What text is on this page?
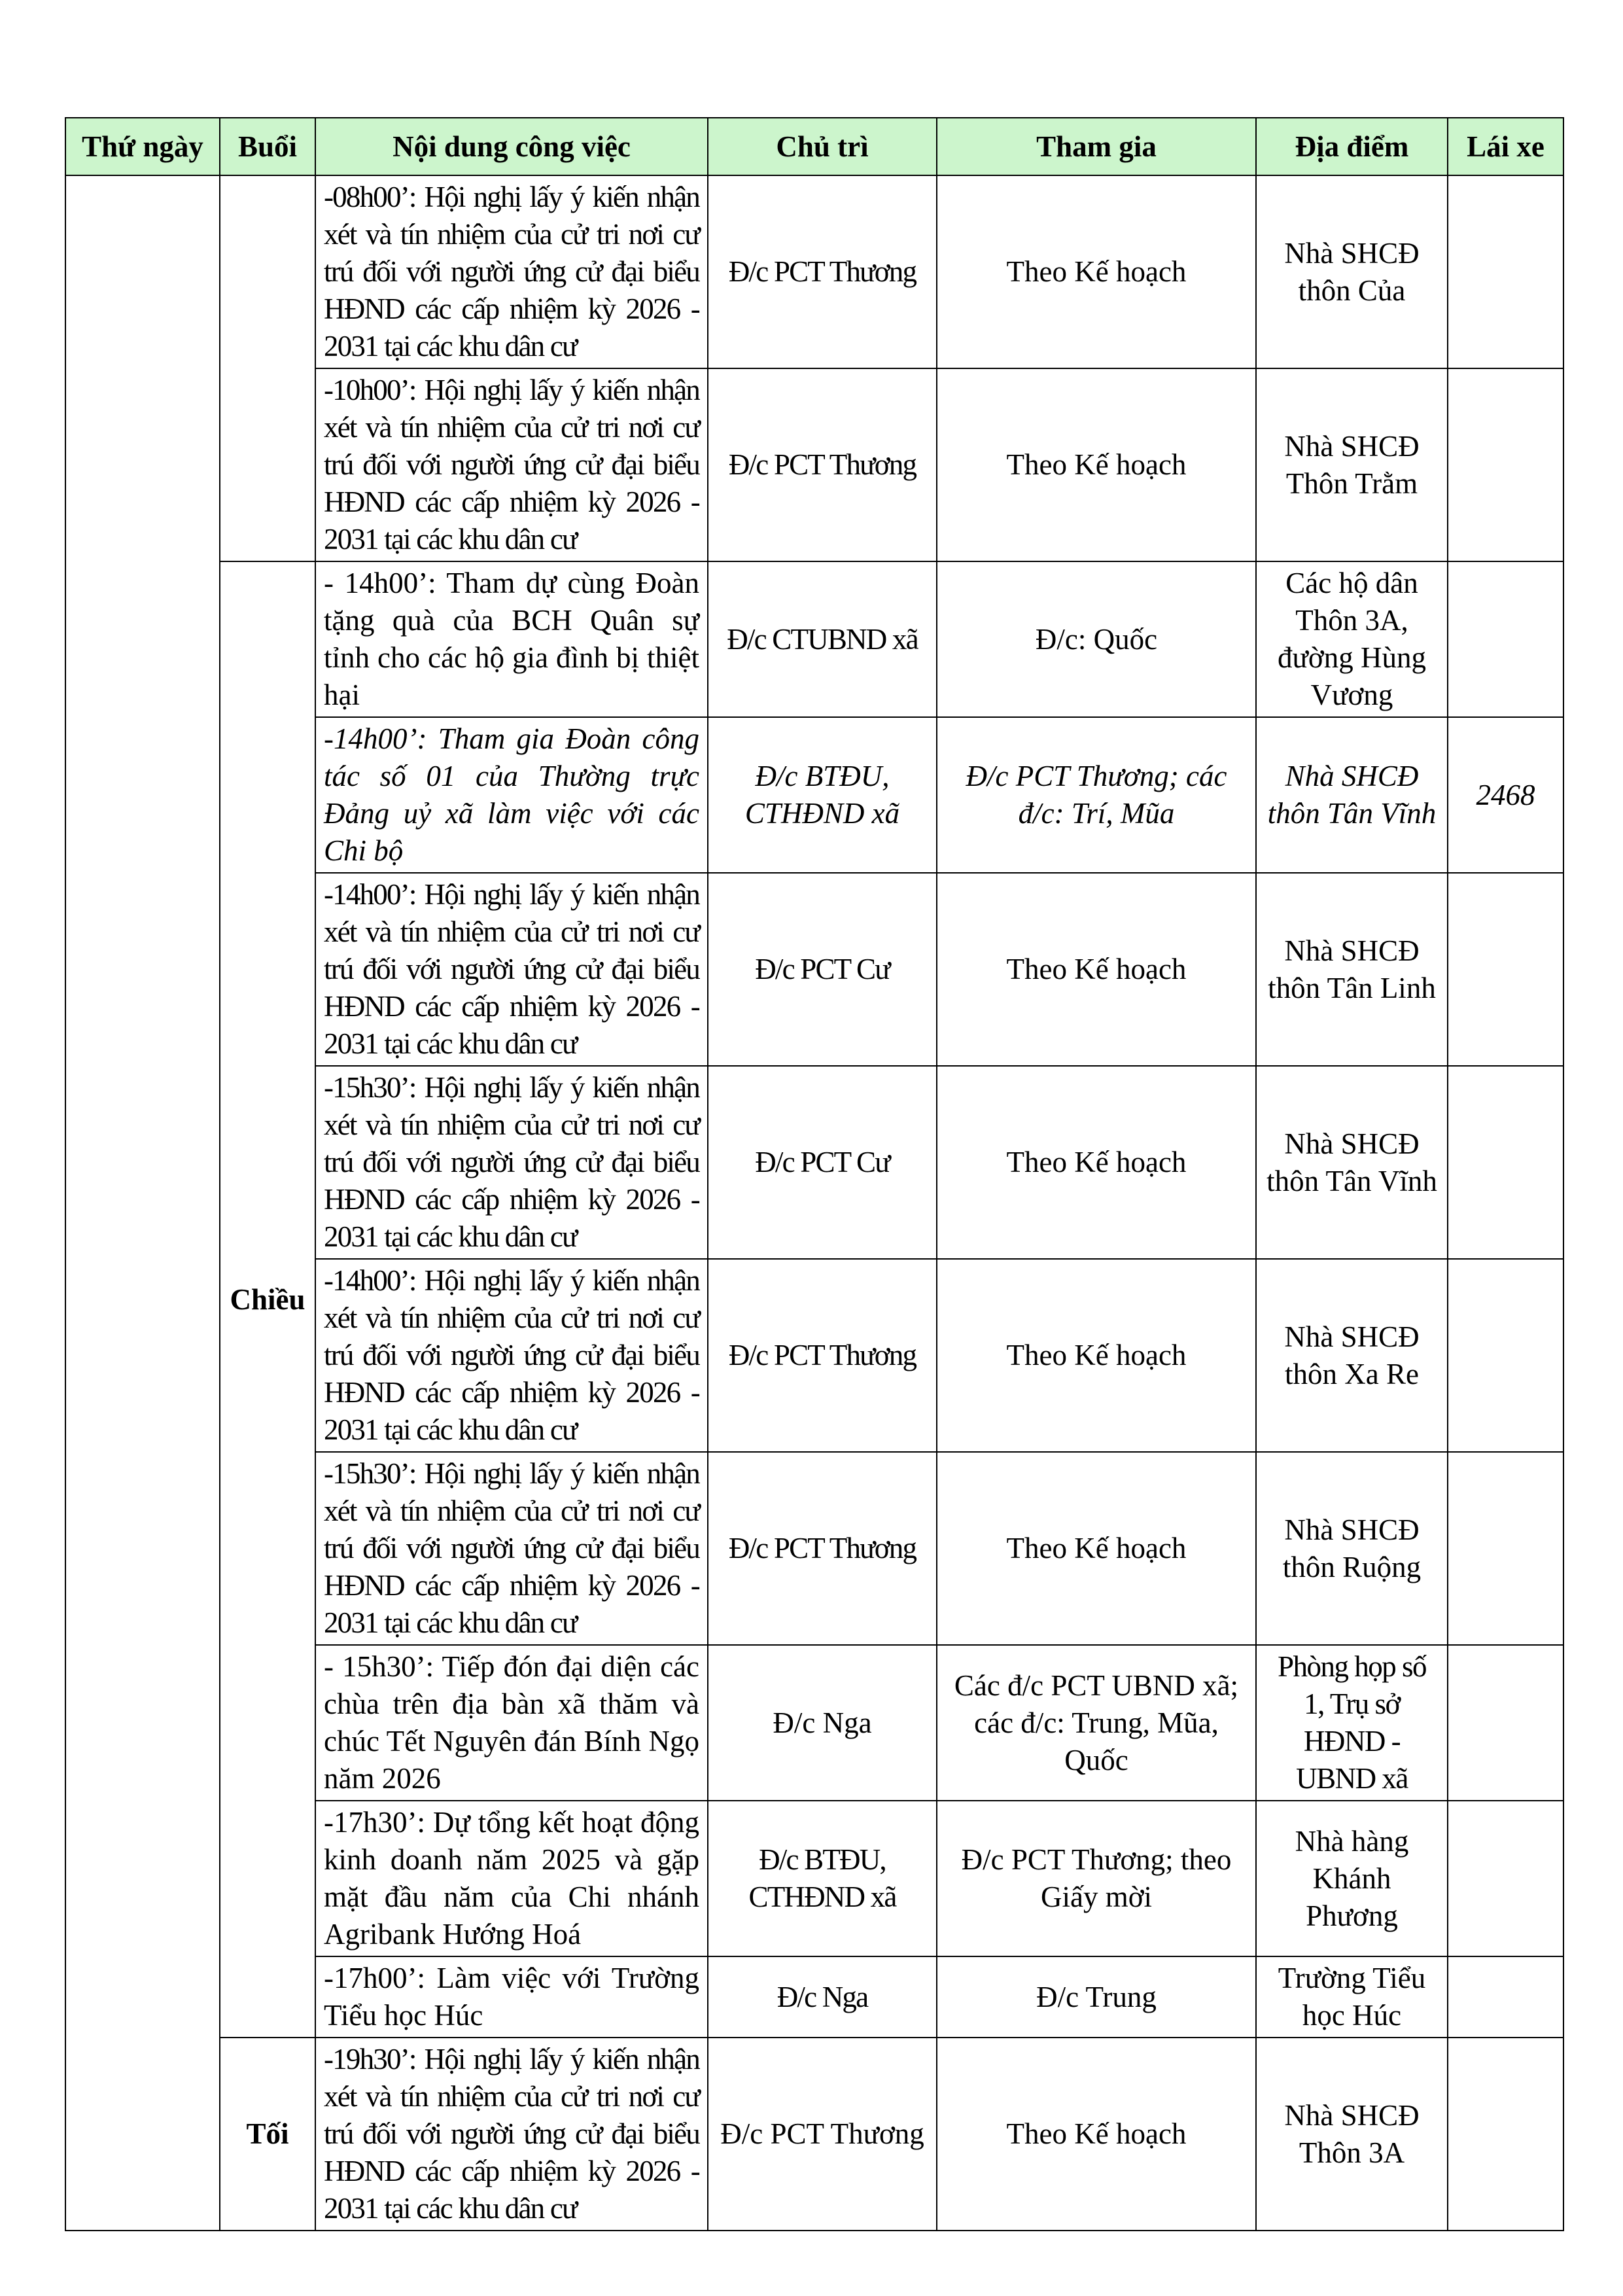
Thứ ngày	Buổi	Nội dung công việc	Chủ trì	Tham gia	Địa điểm	Lái xe
		-08h00’: Hội nghị lấy ý kiến nhận xét và tín nhiệm của cử tri nơi cư trú đối với người ứng cử đại biểu HĐND các cấp nhiệm kỳ 2026 - 2031 tại các khu dân cư	Đ/c PCT Thương	Theo Kế hoạch	Nhà SHCĐ thôn Của	
		-10h00’: Hội nghị lấy ý kiến nhận xét và tín nhiệm của cử tri nơi cư trú đối với người ứng cử đại biểu HĐND các cấp nhiệm kỳ 2026 - 2031 tại các khu dân cư	Đ/c PCT Thương	Theo Kế hoạch	Nhà SHCĐ Thôn Trằm	
	Chiều	- 14h00’: Tham dự cùng Đoàn tặng quà của BCH Quân sự tỉnh cho các hộ gia đình bị thiệt hại	Đ/c CTUBND xã	Đ/c: Quốc	Các hộ dân Thôn 3A, đường Hùng Vương	
		-14h00’: Tham gia Đoàn công tác số 01 của Thường trực Đảng uỷ xã làm việc với các Chi bộ	Đ/c BTĐU, CTHĐND xã	Đ/c PCT Thương; các đ/c: Trí, Mũa	Nhà SHCĐ thôn Tân Vĩnh	2468
		-14h00’: Hội nghị lấy ý kiến nhận xét và tín nhiệm của cử tri nơi cư trú đối với người ứng cử đại biểu HĐND các cấp nhiệm kỳ 2026 - 2031 tại các khu dân cư	Đ/c PCT Cư	Theo Kế hoạch	Nhà SHCĐ thôn Tân Linh	
		-15h30’: Hội nghị lấy ý kiến nhận xét và tín nhiệm của cử tri nơi cư trú đối với người ứng cử đại biểu HĐND các cấp nhiệm kỳ 2026 - 2031 tại các khu dân cư	Đ/c PCT Cư	Theo Kế hoạch	Nhà SHCĐ thôn Tân Vĩnh	
		-14h00’: Hội nghị lấy ý kiến nhận xét và tín nhiệm của cử tri nơi cư trú đối với người ứng cử đại biểu HĐND các cấp nhiệm kỳ 2026 - 2031 tại các khu dân cư	Đ/c PCT Thương	Theo Kế hoạch	Nhà SHCĐ thôn Xa Re	
		-15h30’: Hội nghị lấy ý kiến nhận xét và tín nhiệm của cử tri nơi cư trú đối với người ứng cử đại biểu HĐND các cấp nhiệm kỳ 2026 - 2031 tại các khu dân cư	Đ/c PCT Thương	Theo Kế hoạch	Nhà SHCĐ thôn Ruộng	
		- 15h30’: Tiếp đón đại diện các chùa trên địa bàn xã thăm và chúc Tết Nguyên đán Bính Ngọ năm 2026	Đ/c Nga	Các đ/c PCT UBND xã; các đ/c: Trung, Mũa, Quốc	Phòng họp số 1, Trụ sở HĐND - UBND xã	
		-17h30’: Dự tổng kết hoạt động kinh doanh năm 2025 và gặp mặt đầu năm của Chi nhánh Agribank Hướng Hoá	Đ/c BTĐU, CTHĐND xã	Đ/c PCT Thương; theo Giấy mời	Nhà hàng Khánh Phương	
		-17h00’: Làm việc với Trường Tiểu học Húc	Đ/c Nga	Đ/c Trung	Trường Tiểu học Húc	
	Tối	-19h30’: Hội nghị lấy ý kiến nhận xét và tín nhiệm của cử tri nơi cư trú đối với người ứng cử đại biểu HĐND các cấp nhiệm kỳ 2026 - 2031 tại các khu dân cư	Đ/c PCT Thương	Theo Kế hoạch	Nhà SHCĐ Thôn 3A	
